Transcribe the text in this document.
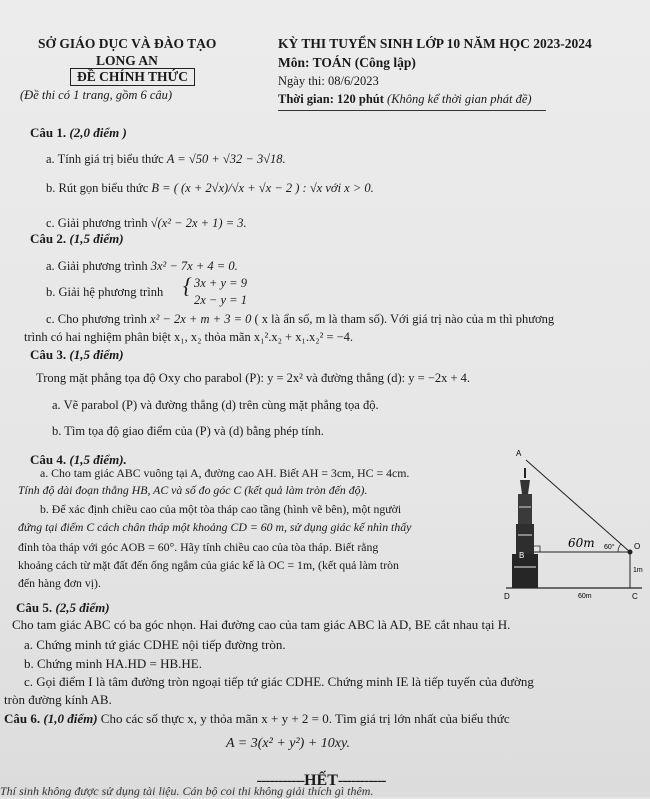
SỞ GIÁO DỤC VÀ ĐÀO TẠO
LONG AN
ĐỀ CHÍNH THỨC
(Đề thi có 1 trang, gồm 6 câu)
KỲ THI TUYỂN SINH LỚP 10 NĂM HỌC 2023-2024
Môn: TOÁN (Công lập)
Ngày thi: 08/6/2023
Thời gian: 120 phút (Không kể thời gian phát đề)
Câu 1. (2,0 điểm )
a. Tính giá trị biểu thức A = √50 + √32 − 3√18.
b. Rút gọn biểu thức B = ( (x + 2√x)/√x + √x − 2 ) : √x với x > 0.
c. Giải phương trình √(x² − 2x + 1) = 3.
Câu 2. (1,5 điểm)
a. Giải phương trình 3x² − 7x + 4 = 0.
b. Giải hệ phương trình { 3x + y = 9
2x − y = 1
c. Cho phương trình x² − 2x + m + 3 = 0 ( x là ẩn số, m là tham số). Với giá trị nào của m thì phương
trình có hai nghiệm phân biệt x₁, x₂ thỏa mãn x₁².x₂ + x₁.x₂² = −4.
Câu 3. (1,5 điểm)
Trong mặt phẳng tọa độ Oxy cho parabol (P): y = 2x² và đường thẳng (d): y = −2x + 4.
a. Vẽ parabol (P) và đường thẳng (d) trên cùng mặt phẳng tọa độ.
b. Tìm tọa độ giao điểm của (P) và (d) bằng phép tính.
Câu 4. (1,5 điểm).
a. Cho tam giác ABC vuông tại A, đường cao AH. Biết AH = 3cm, HC = 4cm.
Tính độ dài đoạn thẳng HB, AC và số đo góc C (kết quả làm tròn đến độ).
b. Để xác định chiều cao của một tòa tháp cao tầng (hình vẽ bên), một người
đứng tại điểm C cách chân tháp một khoảng CD = 60 m, sử dụng giác kế nhìn thấy
đỉnh tòa tháp với góc AOB = 60°. Hãy tính chiều cao của tòa tháp. Biết rằng
khoảng cách từ mặt đất đến ống ngắm của giác kế là OC = 1m, (kết quả làm tròn
đến hàng đơn vị).
A
B
O
C
D
60m 60°
1m
60m
Câu 5. (2,5 điểm)
Cho tam giác ABC có ba góc nhọn. Hai đường cao của tam giác ABC là AD, BE cắt nhau tại H.
a. Chứng minh tứ giác CDHE nội tiếp đường tròn.
b. Chứng minh HA.HD = HB.HE.
c. Gọi điểm I là tâm đường tròn ngoại tiếp tứ giác CDHE. Chứng minh IE là tiếp tuyến của đường
tròn đường kính AB.
Câu 6. (1,0 điểm) Cho các số thực x, y thỏa mãn x + y + 2 = 0. Tìm giá trị lớn nhất của biểu thức
A = 3(x² + y²) + 10xy.
-----------HẾT-----------
Thí sinh không được sử dụng tài liệu. Cán bộ coi thi không giải thích gì thêm.
